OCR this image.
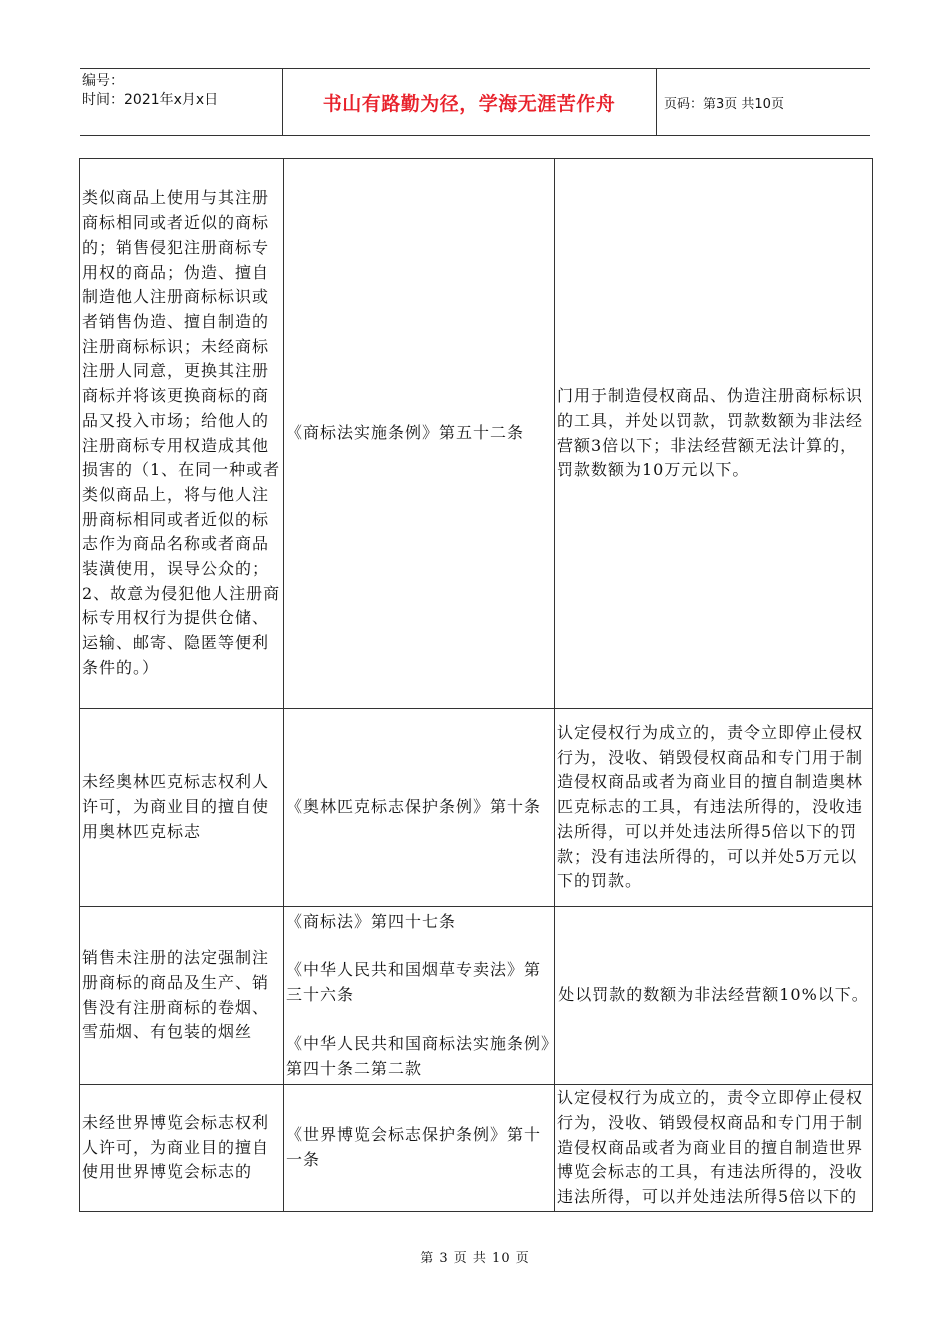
编号：
时间：2021年x月x日	书山有路勤为径，学海无涯苦作舟	页码：第3页 共10页
类似商品上使用与其注册商标相同或者近似的商标的；销售侵犯注册商标专用权的商品；伪造、擅自制造他人注册商标标识或者销售伪造、擅自制造的注册商标标识；未经商标注册人同意，更换其注册商标并将该更换商标的商品又投入市场；给他人的注册商标专用权造成其他损害的（1、在同一种或者类似商品上，将与他人注册商标相同或者近似的标志作为商品名称或者商品装潢使用，误导公众的；2、故意为侵犯他人注册商标专用权行为提供仓储、运输、邮寄、隐匿等便利条件的。）	《商标法实施条例》第五十二条	门用于制造侵权商品、伪造注册商标标识的工具，并处以罚款，罚款数额为非法经营额3倍以下；非法经营额无法计算的，罚款数额为10万元以下。
未经奥林匹克标志权利人许可，为商业目的擅自使用奥林匹克标志	《奥林匹克标志保护条例》第十条	认定侵权行为成立的，责令立即停止侵权行为，没收、销毁侵权商品和专门用于制造侵权商品或者为商业目的擅自制造奥林匹克标志的工具，有违法所得的，没收违法所得，可以并处违法所得5倍以下的罚款；没有违法所得的，可以并处5万元以下的罚款。
销售未注册的法定强制注册商标的商品及生产、销售没有注册商标的卷烟、雪茄烟、有包装的烟丝	《商标法》第四十七条
《中华人民共和国烟草专卖法》第三十六条
《中华人民共和国商标法实施条例》第四十条二第二款	处以罚款的数额为非法经营额10%以下。
未经世界博览会标志权利人许可，为商业目的擅自使用世界博览会标志的	《世界博览会标志保护条例》第十一条	认定侵权行为成立的，责令立即停止侵权行为，没收、销毁侵权商品和专门用于制造侵权商品或者为商业目的擅自制造世界博览会标志的工具，有违法所得的，没收违法所得，可以并处违法所得5倍以下的
第 3 页 共 10 页
